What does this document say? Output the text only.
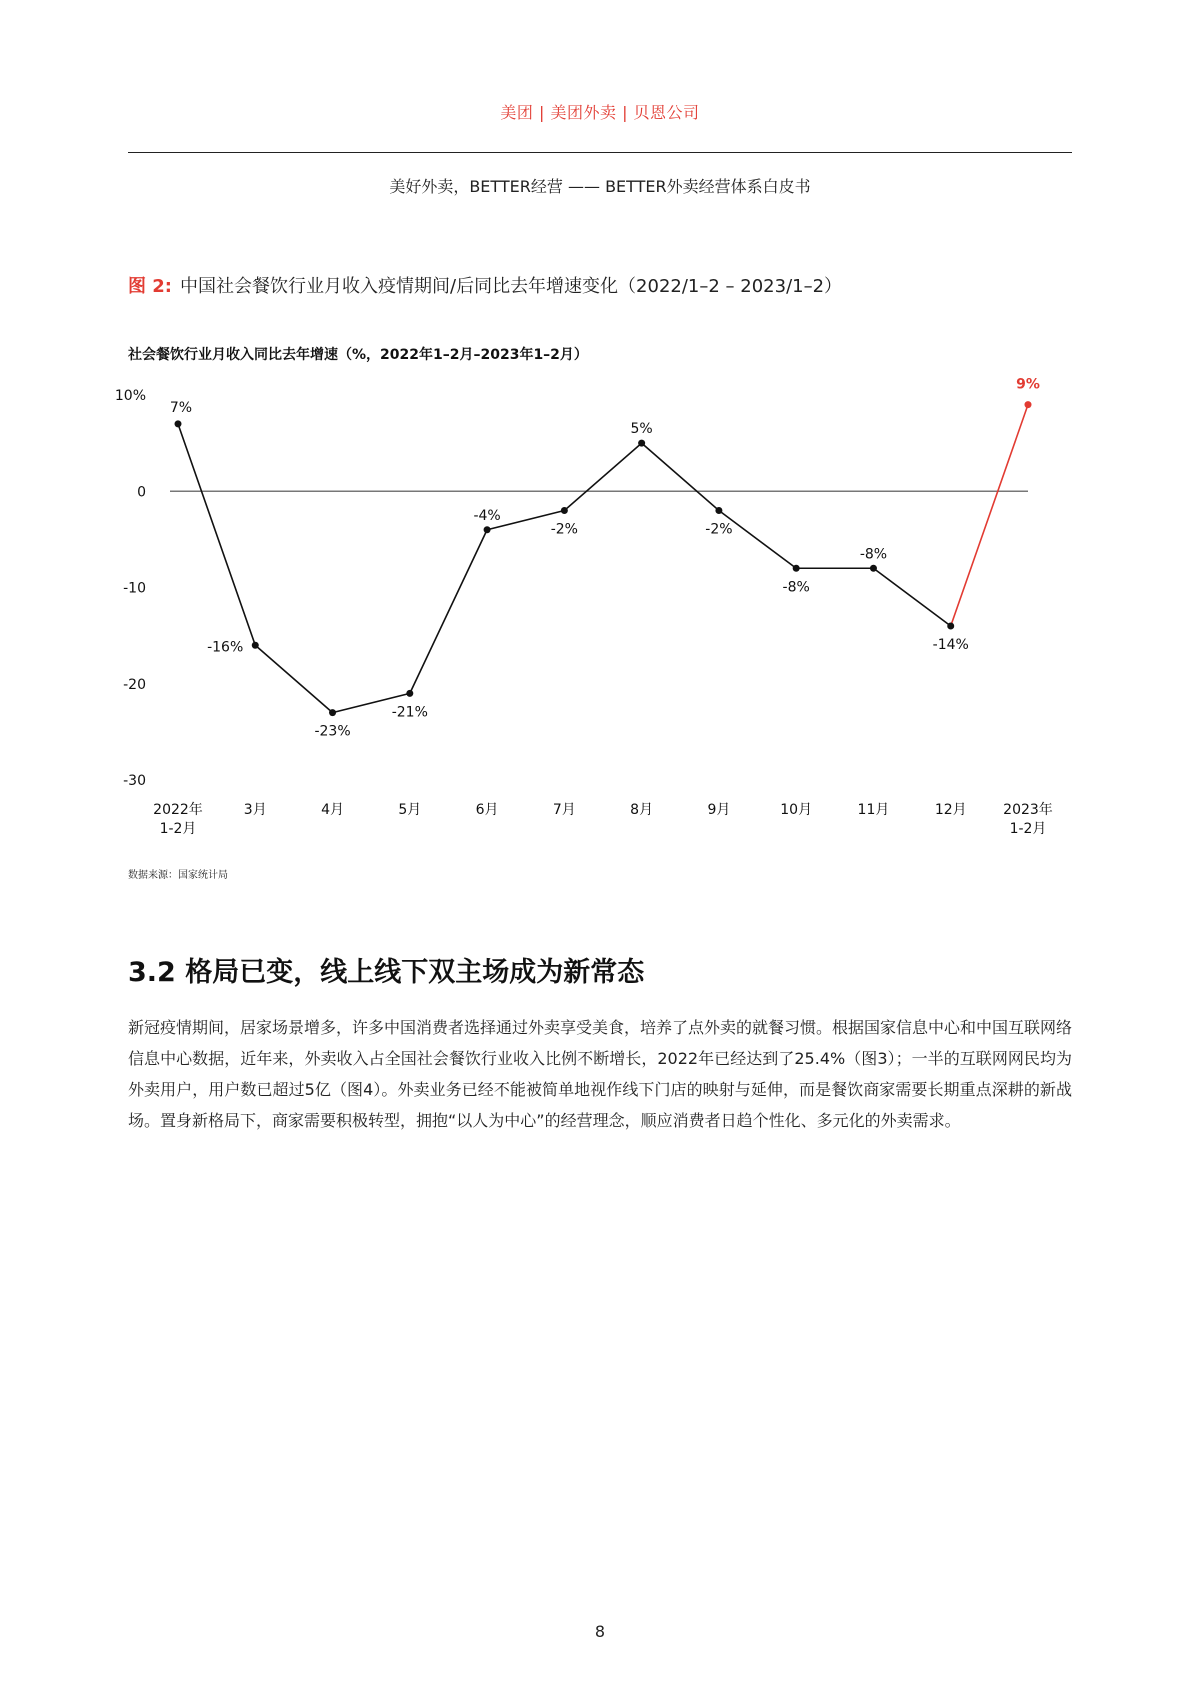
美团 | 美团外卖 | 贝恩公司
美好外卖，BETTER经营 —— BETTER外卖经营体系白皮书
图 2: 中国社会餐饮行业月收入疫情期间/后同比去年增速变化（2022/1–2 – 2023/1–2）
社会餐饮行业月收入同比去年增速（%，2022年1–2月–2023年1–2月）
10%
0
-10
-20
-30
7%
-16%
-23%
-21%
-4%
-2%
5%
-2%
-8%
-8%
-14%
9%
2022年
1-2月
3月	4月	5月	6月	7月	8月	9月	10月	11月	12月	2023年
1-2月
数据来源：国家统计局
3.2 格局已变，线上线下双主场成为新常态

新冠疫情期间，居家场景增多，许多中国消费者选择通过外卖享受美食，培养了点外卖的就餐习惯。根据国家信息中心和中国互联网络信息中心数据，近年来，外卖收入占全国社会餐饮行业收入比例不断增长，2022年已经达到了25.4%（图3）；一半的互联网网民均为外卖用户，用户数已超过5亿（图4）。外卖业务已经不能被简单地视作线下门店的映射与延伸，而是餐饮商家需要长期重点深耕的新战场。置身新格局下，商家需要积极转型，拥抱“以人为中心”的经营理念，顺应消费者日趋个性化、多元化的外卖需求。

8
